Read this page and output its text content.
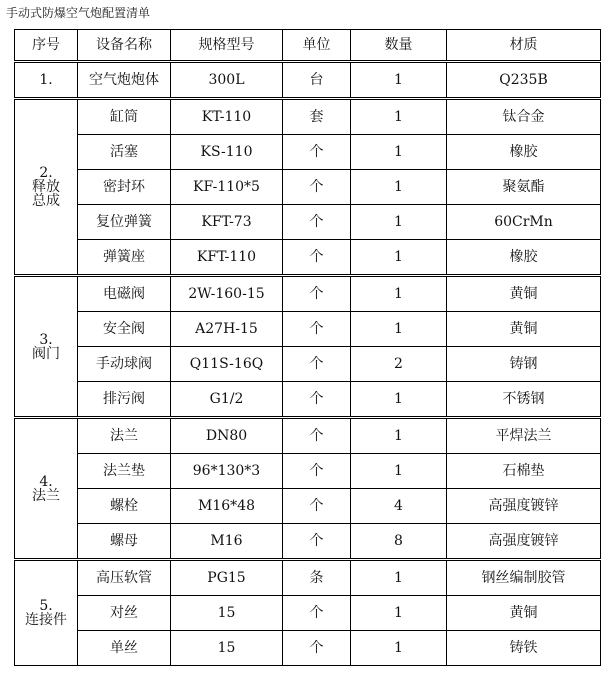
手动式防爆空气炮配置清单
序号	设备名称	规格型号	单位	数量	材质

1.	空气炮炮体	300L	台	1	Q235B

2.
释放
总成	缸筒	KT-110	套	1	钛合金
	活塞	KS-110	个	1	橡胶
	密封环	KF-110*5	个	1	聚氨酯
	复位弹簧	KFT-73	个	1	60CrMn
	弹簧座	KFT-110	个	1	橡胶

3.
阀门	电磁阀	2W-160-15	个	1	黄铜
	安全阀	A27H-15	个	1	黄铜
	手动球阀	Q11S-16Q	个	2	铸钢
	排污阀	G1/2	个	1	不锈钢

4.
法兰	法兰	DN80	个	1	平焊法兰
	法兰垫	96*130*3	个	1	石棉垫
	螺栓	M16*48	个	4	高强度镀锌
	螺母	M16	个	8	高强度镀锌

5.
连接件	高压软管	PG15	条	1	钢丝编制胶管
	对丝	15	个	1	黄铜
	单丝	15	个	1	铸铁
